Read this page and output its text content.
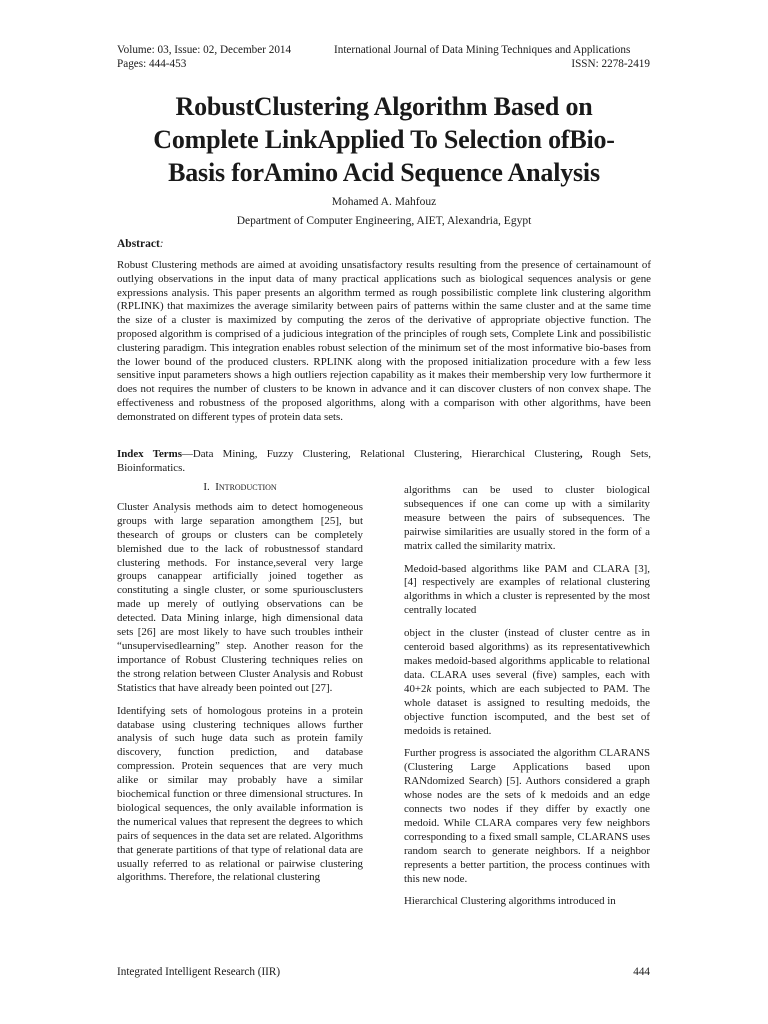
Volume: 03, Issue: 02, December 2014
Pages: 444-453
International Journal of Data Mining Techniques and Applications
ISSN: 2278-2419
RobustClustering Algorithm Based on
Complete LinkApplied To Selection ofBio-
Basis forAmino Acid Sequence Analysis
Mohamed A. Mahfouz
Department of Computer Engineering, AIET, Alexandria, Egypt
Abstract:

Robust Clustering methods are aimed at avoiding unsatisfactory results resulting from the presence of certainamount of outlying observations in the input data of many practical applications such as biological sequences analysis or gene expressions analysis. This paper presents an algorithm termed as rough possibilistic complete link clustering algorithm (RPLINK) that maximizes the average similarity between pairs of patterns within the same cluster and at the same time the size of a cluster is maximized by computing the zeros of the derivative of appropriate objective function. The proposed algorithm is comprised of a judicious integration of the principles of rough sets, Complete Link and possibilistic clustering paradigm. This integration enables robust selection of the minimum set of the most informative bio-bases from the lower bound of the produced clusters. RPLINK along with the proposed initialization procedure with a few less sensitive input parameters shows a high outliers rejection capability as it makes their membership very low furthermore it does not requires the number of clusters to be known in advance and it can discover clusters of non convex shape. The effectiveness and robustness of the proposed algorithms, along with a comparison with other algorithms, have been demonstrated on different types of protein data sets.

Index Terms—Data Mining, Fuzzy Clustering, Relational Clustering, Hierarchical Clustering, Rough Sets, Bioinformatics.

I. Introduction

Cluster Analysis methods aim to detect homogeneous groups with large separation amongthem [25], but thesearch of groups or clusters can be completely blemished due to the lack of robustnessof standard clustering methods. For instance,several very large groups canappear artificially joined together as constituting a single cluster, or some spuriousclusters made up merely of outlying observations can be detected. Data Mining inlarge, high dimensional data sets [26] are most likely to have such troubles intheir “unsupervisedlearning” step. Another reason for the importance of Robust Clustering techniques relies on the strong relation between Cluster Analysis and Robust Statistics that have already been pointed out [27].

Identifying sets of homologous proteins in a protein database using clustering techniques allows further analysis of such huge data such as protein family discovery, function prediction, and database compression. Protein sequences that are very much alike or similar may probably have a similar biochemical function or three dimensional structures. In biological sequences, the only available information is the numerical values that represent the degrees to which pairs of sequences in the data set are related. Algorithms that generate partitions of that type of relational data are usually referred to as relational or pairwise clustering algorithms. Therefore, the relational clustering

algorithms can be used to cluster biological subsequences if one can come up with a similarity measure between the pairs of subsequences. The pairwise similarities are usually stored in the form of a matrix called the similarity matrix.

Medoid-based algorithms like PAM and CLARA [3], [4] respectively are examples of relational clustering algorithms in which a cluster is represented by the most centrally located

object in the cluster (instead of cluster centre as in centeroid based algorithms) as its representativewhich makes medoid-based algorithms applicable to relational data. CLARA uses several (five) samples, each with 40+2k points, which are each subjected to PAM. The whole dataset is assigned to resulting medoids, the objective function iscomputed, and the best set of medoids is retained.

Further progress is associated the algorithm CLARANS (Clustering Large Applications based upon RANdomized Search) [5]. Authors considered a graph whose nodes are the sets of k medoids and an edge connects two nodes if they differ by exactly one medoid. While CLARA compares very few neighbors corresponding to a fixed small sample, CLARANS uses random search to generate neighbors. If a neighbor represents a better partition, the process continues with this new node.

Hierarchical Clustering algorithms introduced in

Integrated Intelligent Research (IIR)	444
